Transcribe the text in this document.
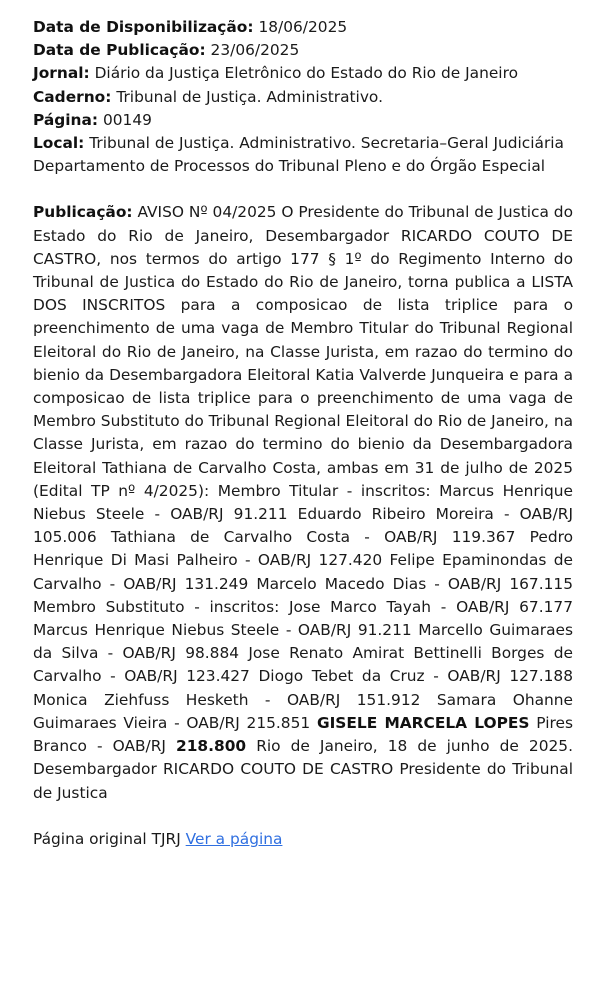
Data de Disponibilização: 18/06/2025

Data de Publicação: 23/06/2025

Jornal: Diário da Justiça Eletrônico do Estado do Rio de Janeiro

Caderno: Tribunal de Justiça. Administrativo.

Página: 00149

Local: Tribunal de Justiça. Administrativo. Secretaria–Geral Judiciária

Departamento de Processos do Tribunal Pleno e do Órgão Especial

Publicação: AVISO Nº 04/2025 O Presidente do Tribunal de Justica do Estado do Rio de Janeiro, Desembargador RICARDO COUTO DE CASTRO, nos termos do artigo 177 § 1º do Regimento Interno do Tribunal de Justica do Estado do Rio de Janeiro, torna publica a LISTA DOS INSCRITOS para a composicao de lista triplice para o preenchimento de uma vaga de Membro Titular do Tribunal Regional Eleitoral do Rio de Janeiro, na Classe Jurista, em razao do termino do bienio da Desembargadora Eleitoral Katia Valverde Junqueira e para a composicao de lista triplice para o preenchimento de uma vaga de Membro Substituto do Tribunal Regional Eleitoral do Rio de Janeiro, na Classe Jurista, em razao do termino do bienio da Desembargadora Eleitoral Tathiana de Carvalho Costa, ambas em 31 de julho de 2025 (Edital TP nº 4/2025): Membro Titular - inscritos: Marcus Henrique Niebus Steele - OAB/RJ 91.211 Eduardo Ribeiro Moreira - OAB/RJ 105.006 Tathiana de Carvalho Costa - OAB/RJ 119.367 Pedro Henrique Di Masi Palheiro - OAB/RJ 127.420 Felipe Epaminondas de Carvalho - OAB/RJ 131.249 Marcelo Macedo Dias - OAB/RJ 167.115 Membro Substituto - inscritos: Jose Marco Tayah - OAB/RJ 67.177 Marcus Henrique Niebus Steele - OAB/RJ 91.211 Marcello Guimaraes da Silva - OAB/RJ 98.884 Jose Renato Amirat Bettinelli Borges de Carvalho - OAB/RJ 123.427 Diogo Tebet da Cruz - OAB/RJ 127.188 Monica Ziehfuss Hesketh - OAB/RJ 151.912 Samara Ohanne Guimaraes Vieira - OAB/RJ 215.851 GISELE MARCELA LOPES Pires Branco - OAB/RJ 218.800 Rio de Janeiro, 18 de junho de 2025. Desembargador RICARDO COUTO DE CASTRO Presidente do Tribunal de Justica

Página original TJRJ Ver a página
